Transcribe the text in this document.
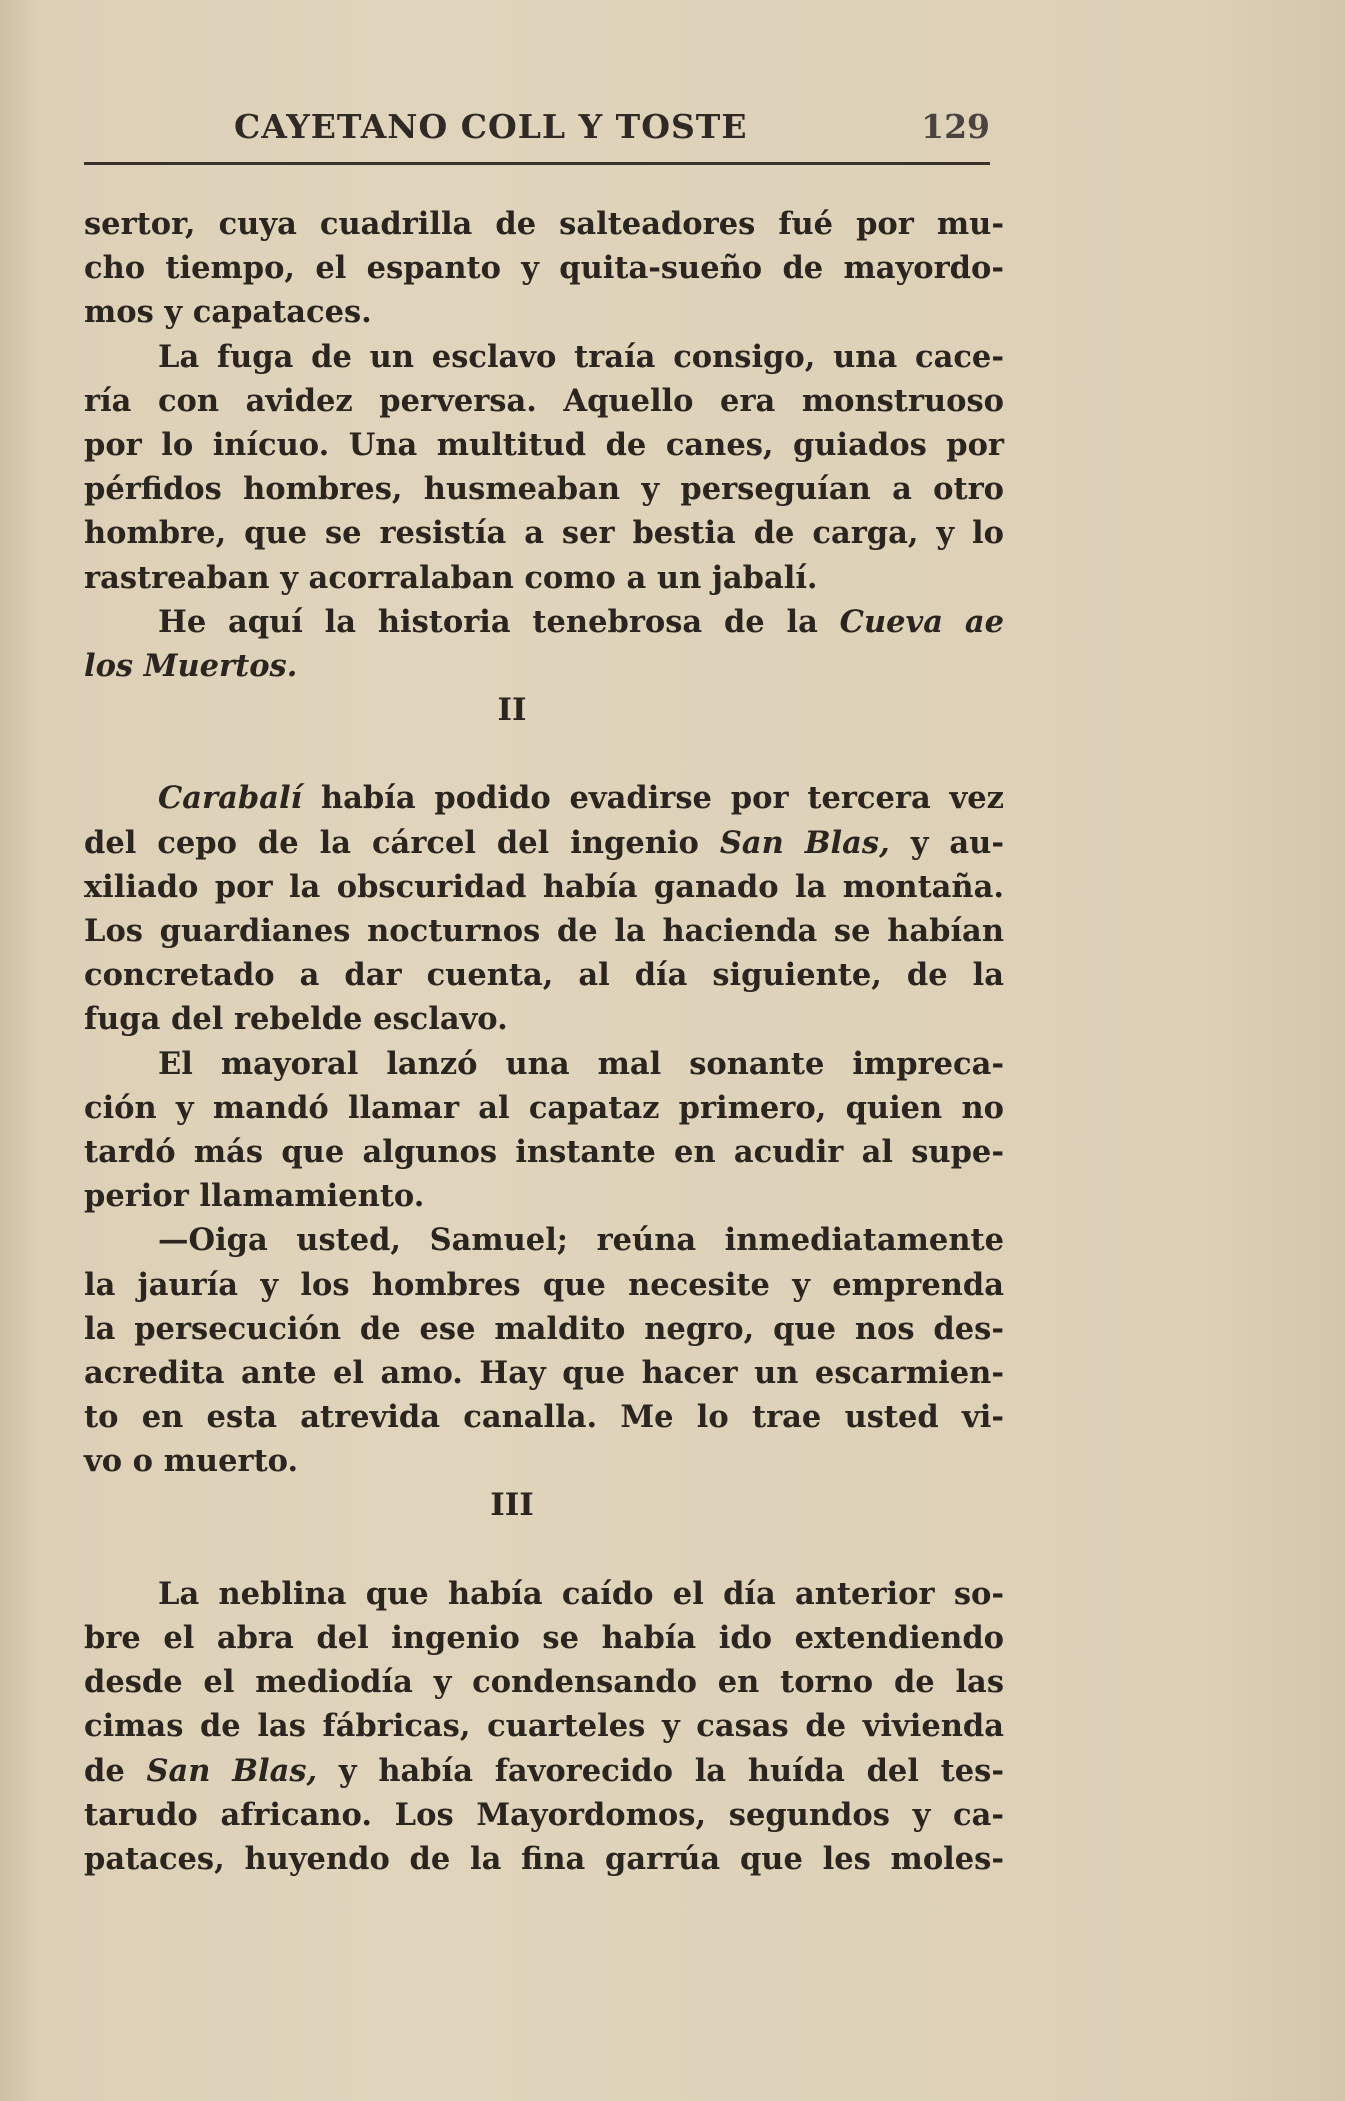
CAYETANO COLL Y TOSTE	129
sertor, cuya cuadrilla de salteadores fué por mu-
cho tiempo, el espanto y quita-sueño de mayordo-
mos y capataces.
La fuga de un esclavo traía consigo, una cace-
ría con avidez perversa. Aquello era monstruoso
por lo inícuo. Una multitud de canes, guiados por
pérfidos hombres, husmeaban y perseguían a otro
hombre, que se resistía a ser bestia de carga, y lo
rastreaban y acorralaban como a un jabalí.
He aquí la historia tenebrosa de la Cueva ae
los Muertos.
II
Carabalí había podido evadirse por tercera vez
del cepo de la cárcel del ingenio San Blas, y au-
xiliado por la obscuridad había ganado la montaña.
Los guardianes nocturnos de la hacienda se habían
concretado a dar cuenta, al día siguiente, de la
fuga del rebelde esclavo.
El mayoral lanzó una mal sonante impreca-
ción y mandó llamar al capataz primero, quien no
tardó más que algunos instante en acudir al supe-
perior llamamiento.
—Oiga usted, Samuel; reúna inmediatamente
la jauría y los hombres que necesite y emprenda
la persecución de ese maldito negro, que nos des-
acredita ante el amo. Hay que hacer un escarmien-
to en esta atrevida canalla. Me lo trae usted vi-
vo o muerto.
III
La neblina que había caído el día anterior so-
bre el abra del ingenio se había ido extendiendo
desde el mediodía y condensando en torno de las
cimas de las fábricas, cuarteles y casas de vivienda
de San Blas, y había favorecido la huída del tes-
tarudo africano. Los Mayordomos, segundos y ca-
pataces, huyendo de la fina garrúa que les moles-
